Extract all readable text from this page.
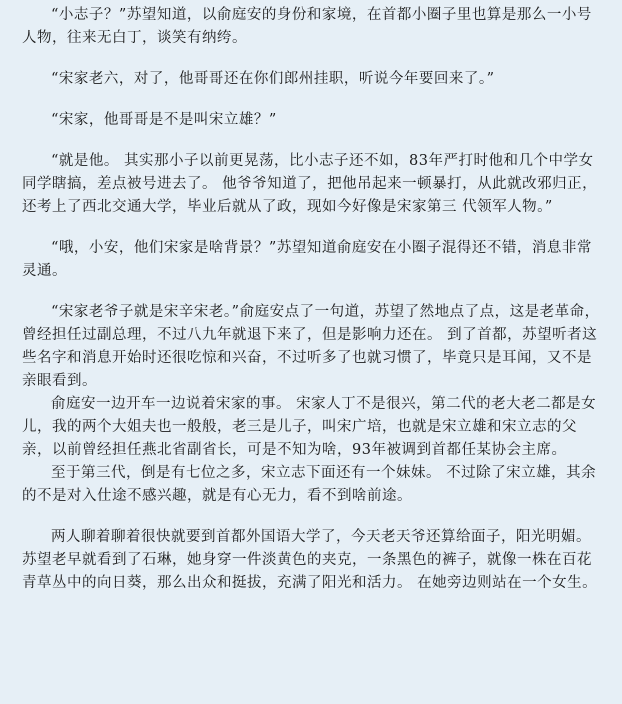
“小志子？”苏望知道，以俞庭安的身份和家境，在首都小圈子里也算是那么一小号人物，往来无白丁，谈笑有纳绔。

“宋家老六，对了，他哥哥还在你们郎州挂职，听说今年要回来了。”

“宋家，他哥哥是不是叫宋立雄？”

“就是他。 其实那小子以前更晃荡，比小志子还不如，83年严打时他和几个中学女同学瞎搞，差点被号进去了。 他爷爷知道了，把他吊起来一顿暴打，从此就改邪归正，还考上了西北交通大学，毕业后就从了政，现如今好像是宋家第三 代领军人物。”

“哦，小安，他们宋家是啥背景？”苏望知道俞庭安在小圈子混得还不错，消息非常灵通。

“宋家老爷子就是宋辛宋老。”俞庭安点了一句道，苏望了然地点了点，这是老革命，曾经担任过副总理，不过八九年就退下来了，但是影响力还在。 到了首都，苏望听者这些名字和消息开始时还很吃惊和兴奋，不过听多了也就习惯了，毕竟只是耳闻，又不是亲眼看到。

俞庭安一边开车一边说着宋家的事。 宋家人丁不是很兴，第二代的老大老二都是女儿，我的两个大姐夫也一般般，老三是儿子，叫宋广培，也就是宋立雄和宋立志的父亲，以前曾经担任燕北省副省长，可是不知为啥，93年被调到首都任某协会主席。

至于第三代，倒是有七位之多，宋立志下面还有一个妹妹。 不过除了宋立雄，其余的不是对入仕途不感兴趣，就是有心无力，看不到啥前途。

两人聊着聊着很快就要到首都外国语大学了，今天老天爷还算给面子，阳光明媚。 苏望老早就看到了石琳，她身穿一件淡黄色的夹克，一条黑色的裤子，就像一株在百花青草丛中的向日葵，那么出众和挺拔，充满了阳光和活力。 在她旁边则站在一个女生。
